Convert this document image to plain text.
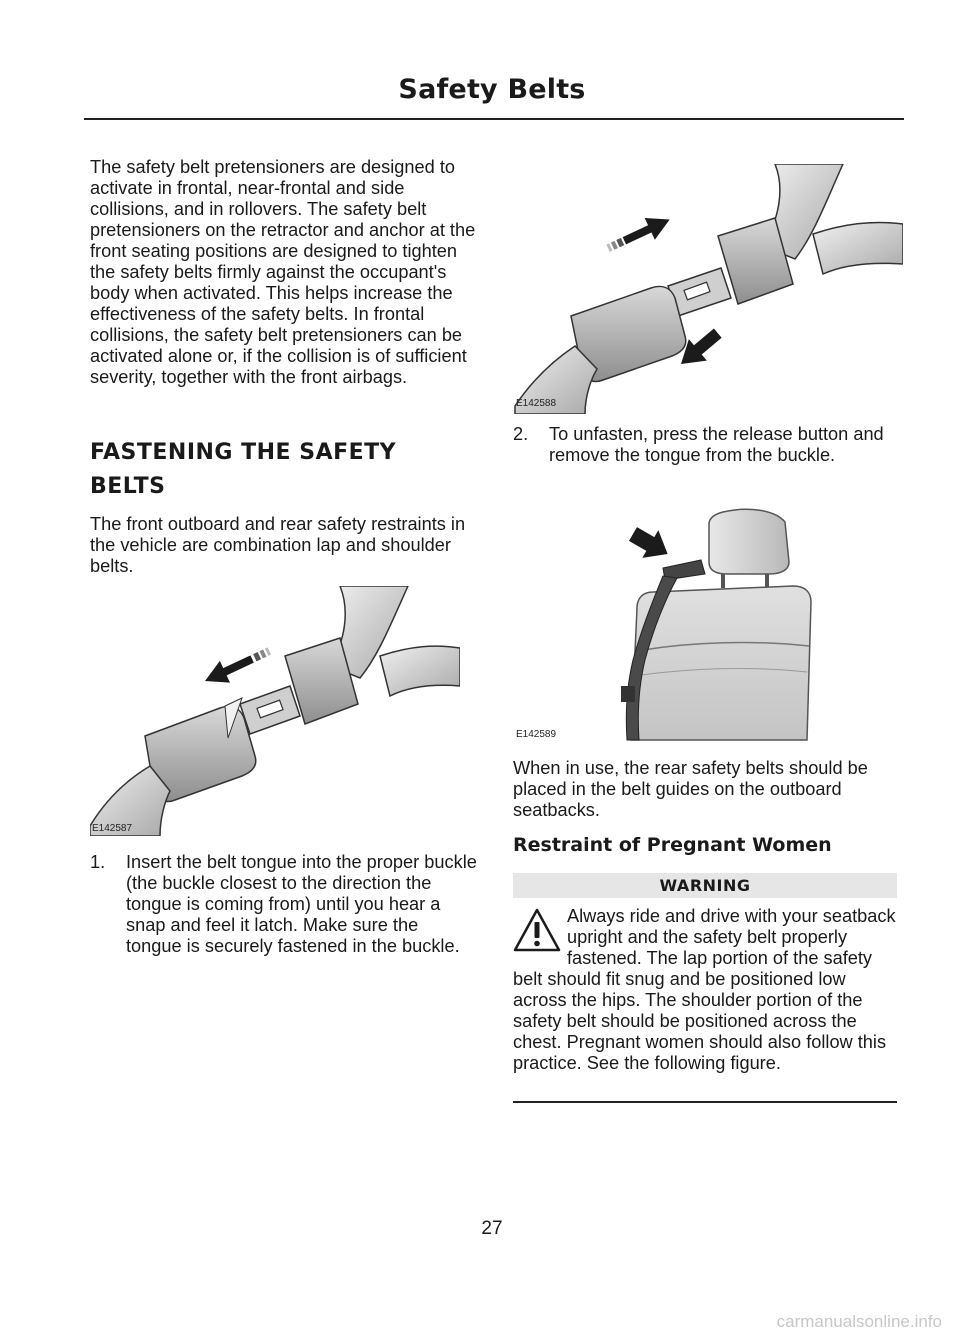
Safety Belts
The safety belt pretensioners are designed to activate in frontal, near-frontal and side collisions, and in rollovers. The safety belt pretensioners on the retractor and anchor at the front seating positions are designed to tighten the safety belts firmly against the occupant's body when activated. This helps increase the effectiveness of the safety belts. In frontal collisions, the safety belt pretensioners can be activated alone or, if the collision is of sufficient severity, together with the front airbags.
FASTENING THE SAFETY
BELTS
The front outboard and rear safety restraints in the vehicle are combination lap and shoulder belts.
E142587
1.	Insert the belt tongue into the proper buckle (the buckle closest to the direction the tongue is coming from) until you hear a snap and feel it latch. Make sure the tongue is securely fastened in the buckle.
E142588
2.	To unfasten, press the release button and remove the tongue from the buckle.
E142589
When in use, the rear safety belts should be placed in the belt guides on the outboard seatbacks.
Restraint of Pregnant Women
WARNING
Always ride and drive with your seatback upright and the safety belt properly fastened. The lap portion of the safety belt should fit snug and be positioned low across the hips. The shoulder portion of the safety belt should be positioned across the chest. Pregnant women should also follow this practice. See the following figure.
27
carmanualsonline.info
